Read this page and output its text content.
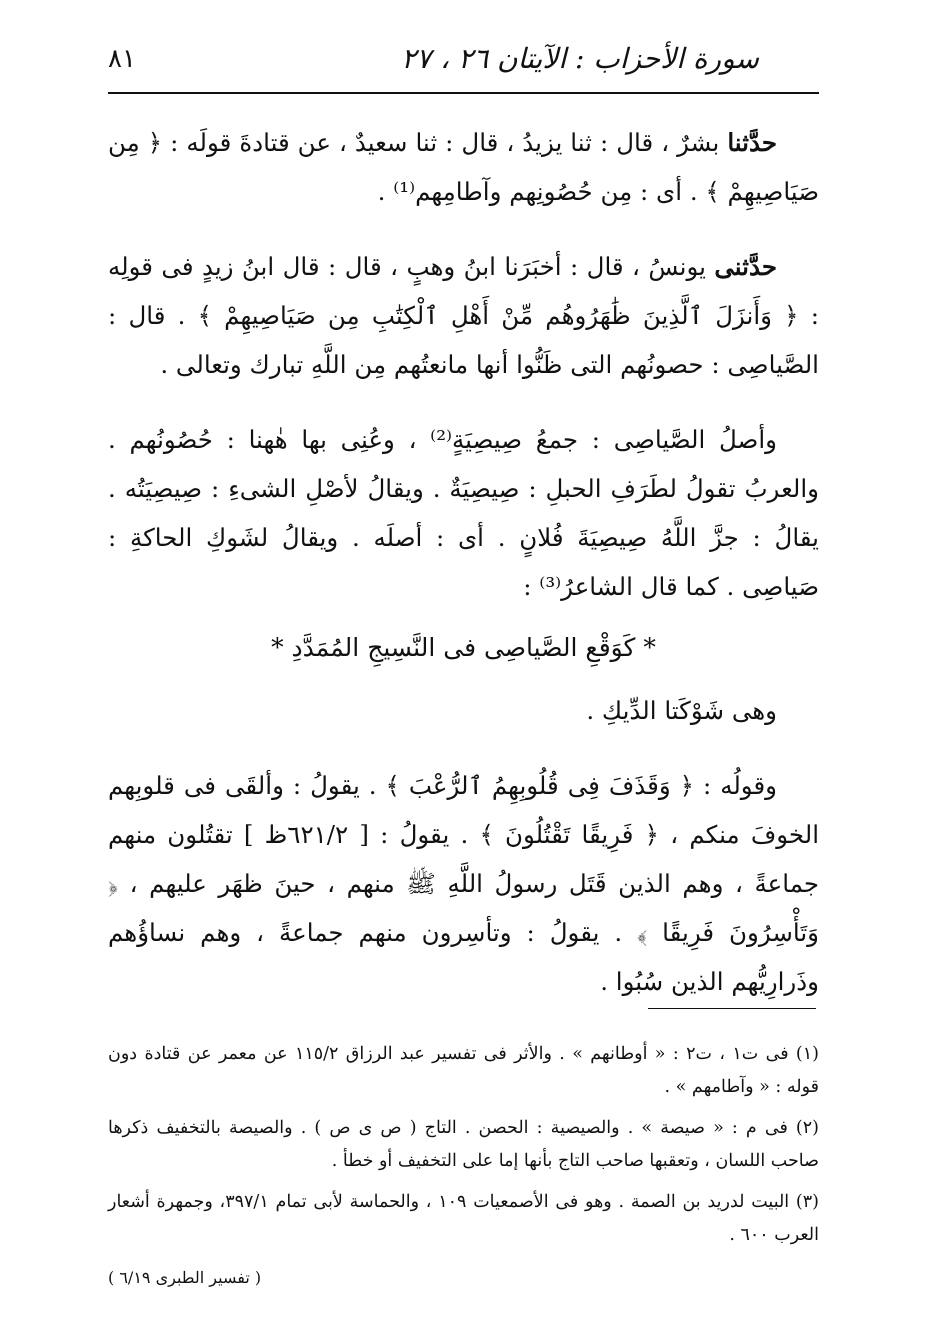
سورة الأحزاب : الآيتان ٢٦ ، ٢٧
٨١

حدَّثنا بشرٌ ، قال : ثنا يزيدُ ، قال : ثنا سعيدٌ ، عن قتادةَ قولَه : ﴿ مِن صَيَاصِيهِمْ ﴾ . أى : مِن حُصُونِهم وآطامِهم⁽¹⁾ .

حدَّثنى يونسُ ، قال : أخبَرَنا ابنُ وهبٍ ، قال : قال ابنُ زيدٍ فى قولِه : ﴿ وَأَنزَلَ ٱلَّذِينَ ظَٰهَرُوهُم مِّنْ أَهْلِ ٱلْكِتَٰبِ مِن صَيَاصِيهِمْ ﴾ . قال : الصَّياصِى : حصونُهم التى ظَنُّوا أنها مانعتُهم مِن اللَّهِ تبارك وتعالى .

وأصلُ الصَّياصِى : جمعُ صِيصِيَةٍ⁽²⁾ ، وعُنِى بها هٰهنا : حُصُونُهم . والعربُ تقولُ لطَرَفِ الحبلِ : صِيصِيَةٌ . ويقالُ لأصْلِ الشىءِ : صِيصِيَتُه . يقالُ : جزَّ اللَّهُ صِيصِيَةَ فُلانٍ . أى : أصلَه . ويقالُ لشَوكِ الحاكةِ : صَياصِى . كما قال الشاعرُ⁽³⁾ :

* كَوَقْعِ الصَّياصِى فى النَّسِيجِ المُمَدَّدِ *

وهى شَوْكَتا الدِّيكِ .

وقولُه : ﴿ وَقَذَفَ فِى قُلُوبِهِمُ ٱلرُّعْبَ ﴾ . يقولُ : وألقَى فى قلوبِهم الخوفَ منكم ، ﴿ فَرِيقًا تَقْتُلُونَ ﴾ . يقولُ : [ ٦٢١/٢ظ ] تقتُلون منهم جماعةً ، وهم الذين قَتَل رسولُ اللَّهِ ﷺ منهم ، حينَ ظهَر عليهم ، ﴿ وَتَأْسِرُونَ فَرِيقًا ﴾ . يقولُ : وتأسِرون منهم جماعةً ، وهم نساؤُهم وذَرارِيُّهم الذين سُبُوا .

(١) فى ت١ ، ت٢ : « أوطانهم » . والأثر فى تفسير عبد الرزاق ١١٥/٢ عن معمر عن قتادة دون قوله : « وآطامهم » .

(٢) فى م : « صيصة » . والصيصية : الحصن . التاج ( ص ى ص ) . والصيصة بالتخفيف ذكرها صاحب اللسان ، وتعقبها صاحب التاج بأنها إما على التخفيف أو خطأ .

(٣) البيت لدريد بن الصمة . وهو فى الأصمعيات ١٠٩ ، والحماسة لأبى تمام ٣٩٧/١، وجمهرة أشعار العرب ٦٠٠ .

( تفسير الطبرى ٦/١٩ )
